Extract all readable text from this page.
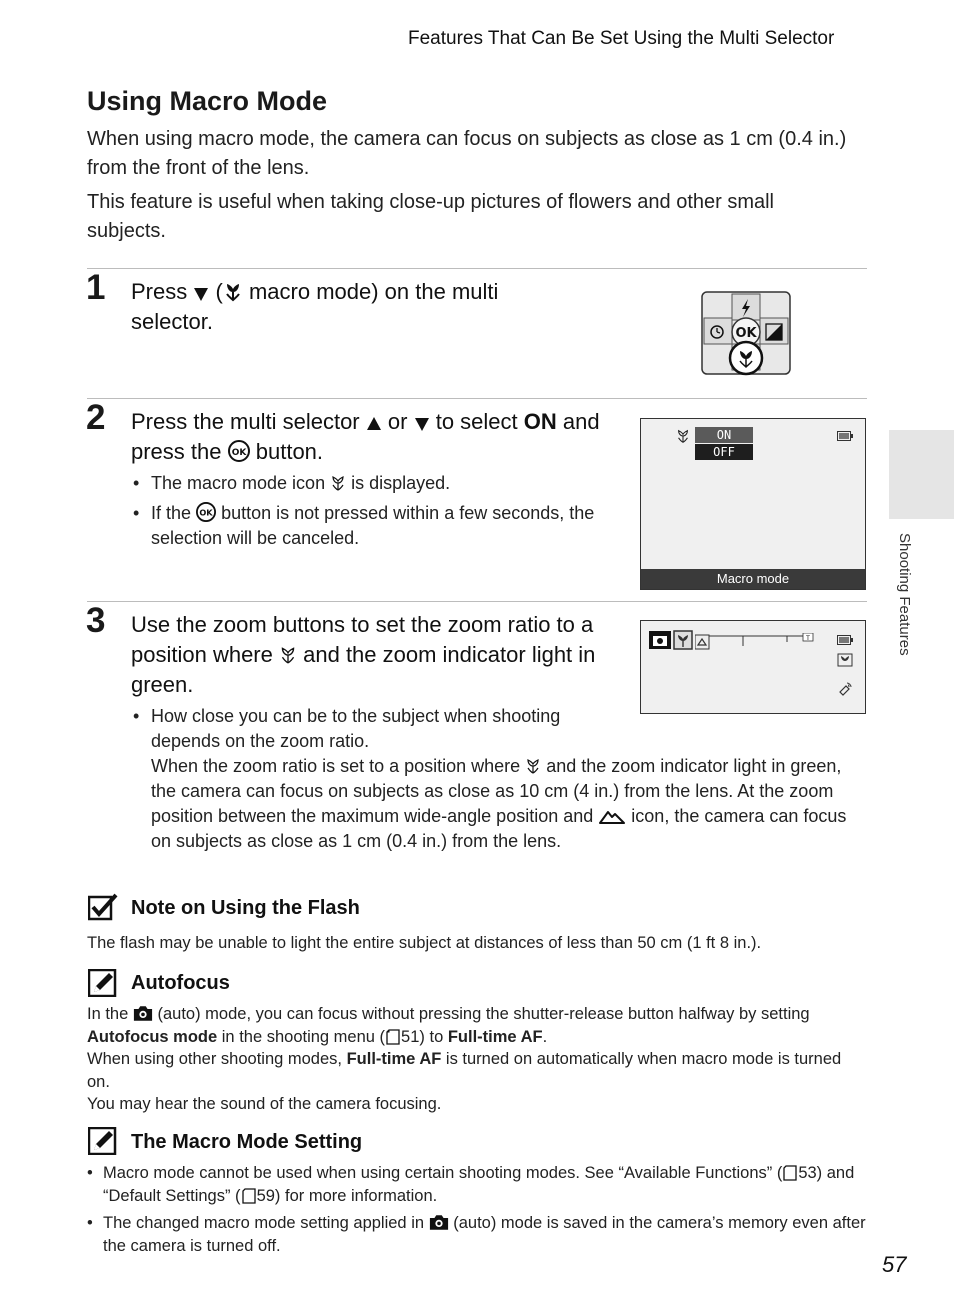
Features That Can Be Set Using the Multi Selector
Using Macro Mode

When using macro mode, the camera can focus on subjects as close as 1 cm (0.4 in.) from the front of the lens.

This feature is useful when taking close-up pictures of flowers and other small subjects.

1 Press ( macro mode) on the multi selector.	OK
2 Press the multi selector or to select ON and press the OK button.

• The macro mode icon is displayed.
• If the OK button is not pressed within a few seconds, the selection will be canceled.
ON
OFF
Macro mode
3 Use the zoom buttons to set the zoom ratio to a position where and the zoom indicator light in green.

T
• How close you can be to the subject when shooting depends on the zoom ratio.
When the zoom ratio is set to a position where and the zoom indicator light in green, the camera can focus on subjects as close as 10 cm (4 in.) from the lens. At the zoom position between the maximum wide-angle position and icon, the camera can focus on subjects as close as 1 cm (0.4 in.) from the lens.
Note on Using the Flash

The flash may be unable to light the entire subject at distances of less than 50 cm (1 ft 8 in.).

Autofocus

In the (auto) mode, you can focus without pressing the shutter-release button halfway by setting Autofocus mode in the shooting menu ( 51) to Full-time AF.
When using other shooting modes, Full-time AF is turned on automatically when macro mode is turned on.
You may hear the sound of the camera focusing.

The Macro Mode Setting
• Macro mode cannot be used when using certain shooting modes. See “Available Functions” ( 53) and “Default Settings” ( 59) for more information.
• The changed macro mode setting applied in (auto) mode is saved in the camera’s memory even after the camera is turned off.
Shooting Features
57
